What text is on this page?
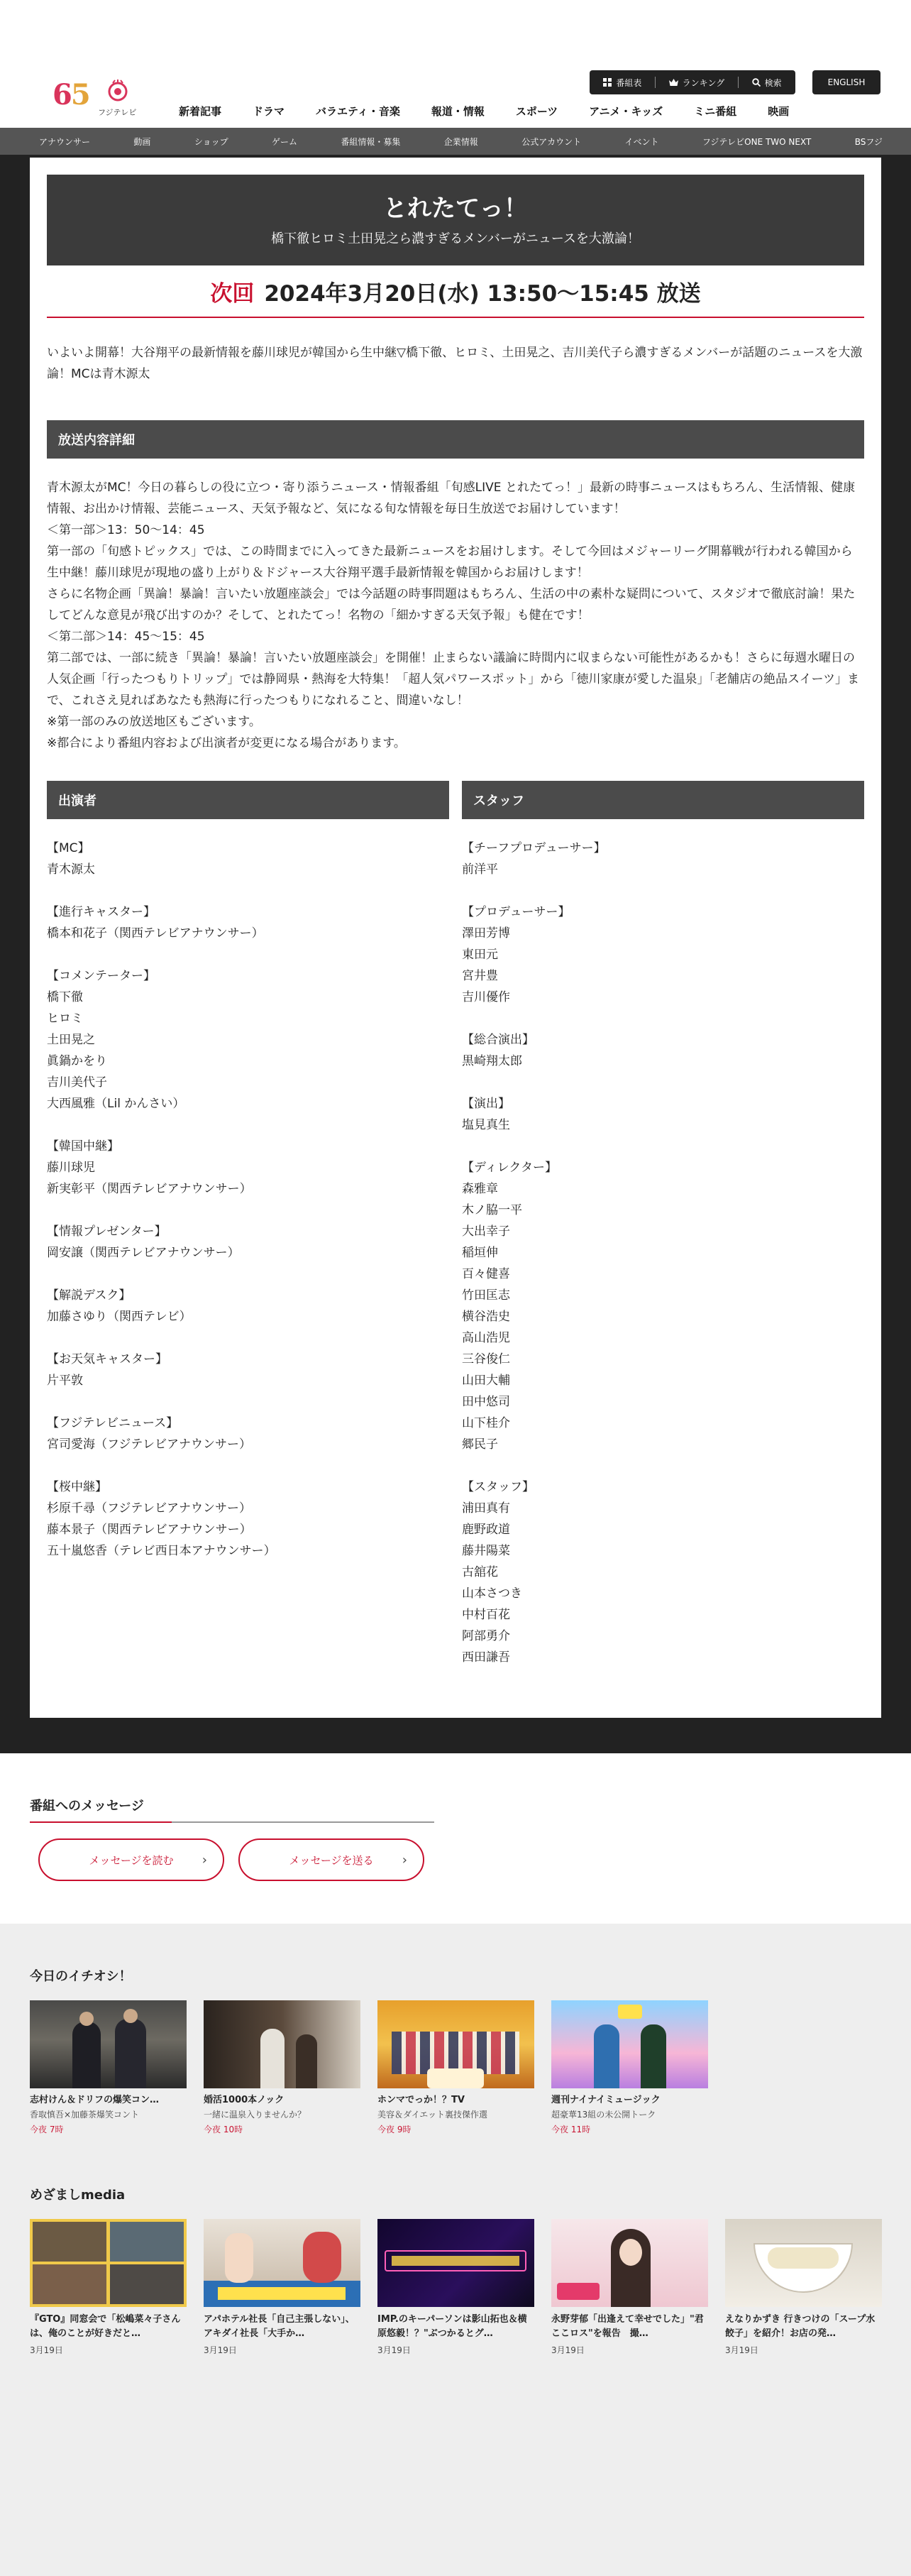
65
フジテレビ
番組表	ランキング	検索	ENGLISH
新着記事	ドラマ	バラエティ・音楽	報道・情報	スポーツ	アニメ・キッズ	ミニ番組	映画
アナウンサー	動画	ショップ	ゲーム	番組情報・募集	企業情報	公式アカウント	イベント	フジテレビONE TWO NEXT	BSフジ
とれたてっ！

橋下徹ヒロミ土田晃之ら濃すぎるメンバーがニュースを大激論！

次回 2024年3月20日(水) 13:50〜15:45 放送

いよいよ開幕！大谷翔平の最新情報を藤川球児が韓国から生中継▽橋下徹、ヒロミ、土田晃之、吉川美代子ら濃すぎるメンバーが話題のニュースを大激論！MCは青木源太

放送内容詳細

青木源太がMC！今日の暮らしの役に立つ・寄り添うニュース・情報番組「旬感LIVE とれたてっ！」最新の時事ニュースはもちろん、生活情報、健康情報、お出かけ情報、芸能ニュース、天気予報など、気になる旬な情報を毎日生放送でお届けしています！

＜第一部＞13：50〜14：45

第一部の「旬感トピックス」では、この時間までに入ってきた最新ニュースをお届けします。そして今回はメジャーリーグ開幕戦が行われる韓国から生中継！藤川球児が現地の盛り上がり＆ドジャース大谷翔平選手最新情報を韓国からお届けします！

さらに名物企画「異論！暴論！言いたい放題座談会」では今話題の時事問題はもちろん、生活の中の素朴な疑問について、スタジオで徹底討論！果たしてどんな意見が飛び出すのか？そして、とれたてっ！名物の「細かすぎる天気予報」も健在です！

＜第二部＞14：45〜15：45

第二部では、一部に続き「異論！暴論！言いたい放題座談会」を開催！止まらない議論に時間内に収まらない可能性があるかも！さらに毎週水曜日の人気企画「行ったつもりトリップ」では静岡県・熱海を大特集！「超人気パワースポット」から「徳川家康が愛した温泉」「老舗店の絶品スイーツ」まで、これさえ見ればあなたも熱海に行ったつもりになれること、間違いなし！

※第一部のみの放送地区もございます。

※都合により番組内容および出演者が変更になる場合があります。

出演者
【MC】
青木源太
【進行キャスター】
橋本和花子（関西テレビアナウンサー）
【コメンテーター】
橋下徹
ヒロミ
土田晃之
眞鍋かをり
吉川美代子
大西風雅（Lil かんさい）
【韓国中継】
藤川球児
新実彰平（関西テレビアナウンサー）
【情報プレゼンター】
岡安譲（関西テレビアナウンサー）
【解説デスク】
加藤さゆり（関西テレビ）
【お天気キャスター】
片平敦
【フジテレビニュース】
宮司愛海（フジテレビアナウンサー）
【桜中継】
杉原千尋（フジテレビアナウンサー）
藤本景子（関西テレビアナウンサー）
五十嵐悠香（テレビ西日本アナウンサー）
スタッフ
【チーフプロデューサー】
前洋平
【プロデューサー】
澤田芳博
東田元
宮井豊
吉川優作
【総合演出】
黒崎翔太郎
【演出】
塩見真生
【ディレクター】
森雅章
木ノ脇一平
大出幸子
稲垣伸
百々健喜
竹田匡志
横谷浩史
高山浩児
三谷俊仁
山田大輔
田中悠司
山下桂介
郷民子
【スタッフ】
浦田真有
鹿野政道
藤井陽菜
古舘花
山本さつき
中村百花
阿部勇介
西田謙吾
番組へのメッセージ
メッセージを読む ›	メッセージを送る ›
今日のイチオシ！
志村けん＆ドリフの爆笑コン…
香取慎吾×加藤茶爆笑コント
今夜 7時
婚活1000本ノック
一緒に温泉入りませんか？
今夜 10時
ホンマでっか！？TV
美容＆ダイエット裏技傑作選
今夜 9時
週刊ナイナイミュージック
超豪華13組の未公開トーク
今夜 11時
めざましmedia
『GTO』同窓会で「松嶋菜々子さんは、俺のことが好きだと…
3月19日
アパホテル社長「自己主張しない」、アキダイ社長「大手か…
3月19日
IMP.のキーパーソンは影山拓也＆横原悠毅！？"ぶつかるとグ…
3月19日
永野芽郁「出逢えて幸せでした」"君ここロス"を報告　撮…
3月19日
えなりかずき 行きつけの「スープ水餃子」を紹介！お店の発…
3月19日
